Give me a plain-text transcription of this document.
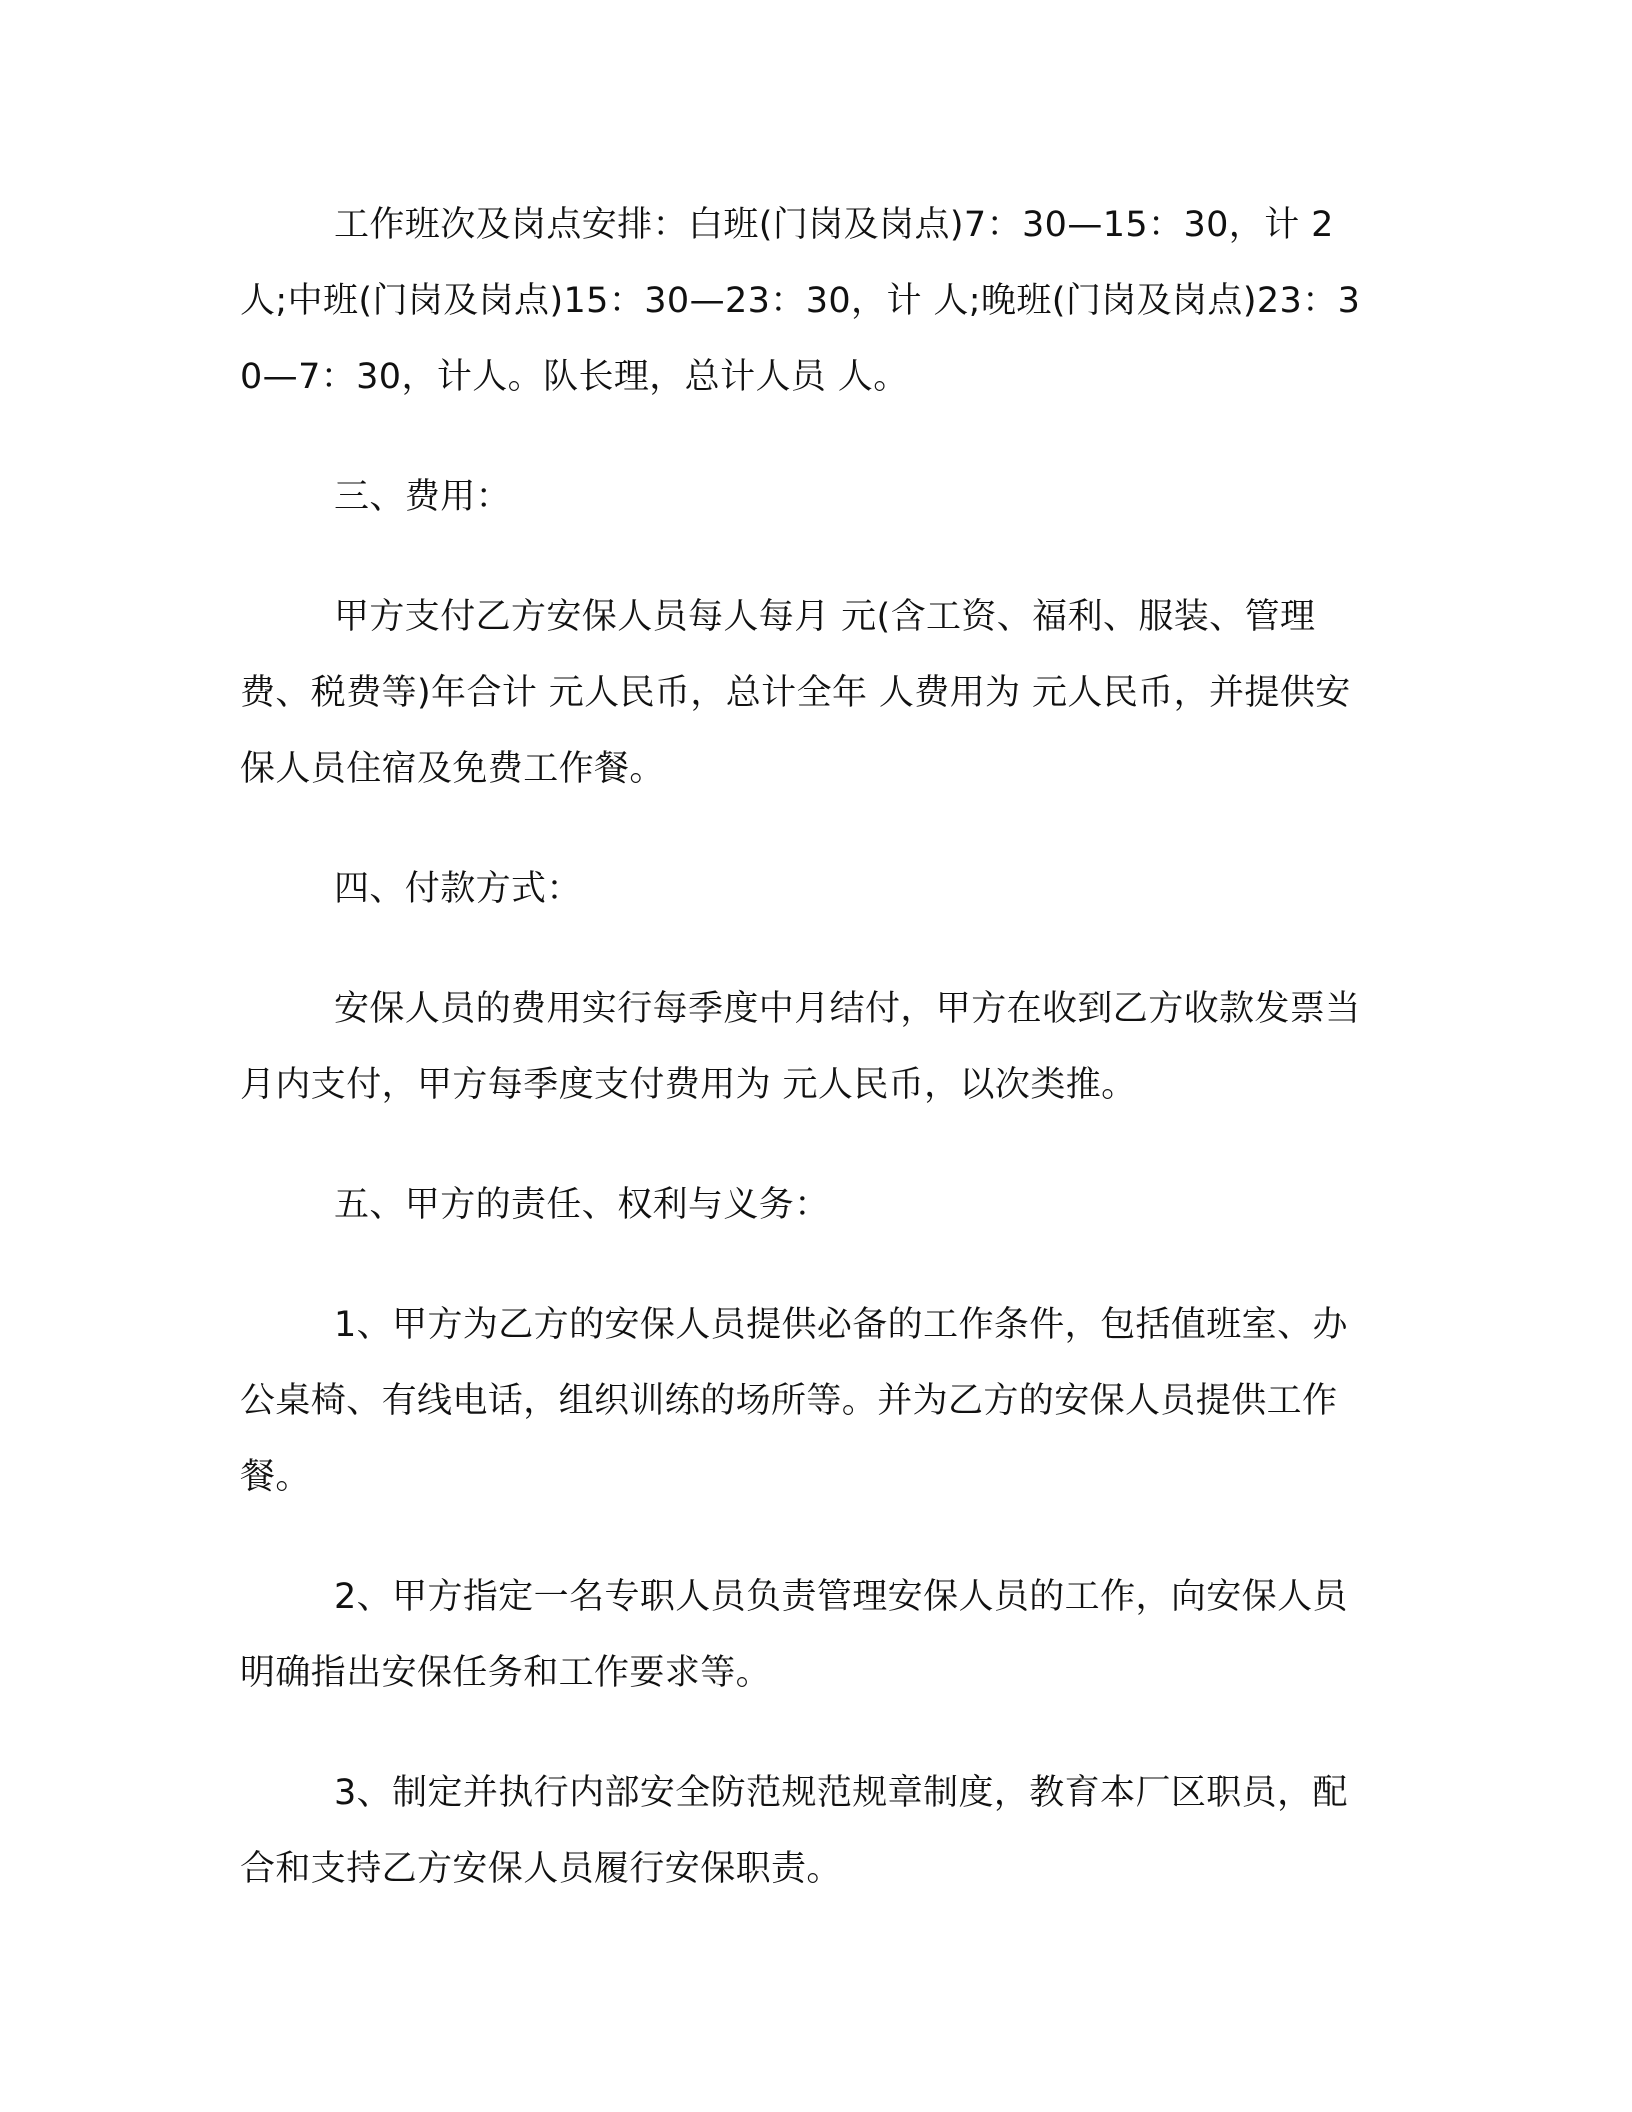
工作班次及岗点安排：白班(门岗及岗点)7：30—15：30，计 2 人;中班(门岗及岗点)15：30—23：30，计 人;晚班(门岗及岗点)23：30—7：30，计人。队长理，总计人员 人。

三、费用：

甲方支付乙方安保人员每人每月 元(含工资、福利、服装、管理费、税费等)年合计 元人民币，总计全年 人费用为 元人民币，并提供安保人员住宿及免费工作餐。

四、付款方式：

安保人员的费用实行每季度中月结付，甲方在收到乙方收款发票当月内支付，甲方每季度支付费用为 元人民币，以次类推。

五、甲方的责任、权利与义务：

1、甲方为乙方的安保人员提供必备的工作条件，包括值班室、办公桌椅、有线电话，组织训练的场所等。并为乙方的安保人员提供工作餐。

2、甲方指定一名专职人员负责管理安保人员的工作，向安保人员明确指出安保任务和工作要求等。

3、制定并执行内部安全防范规范规章制度，教育本厂区职员，配合和支持乙方安保人员履行安保职责。
